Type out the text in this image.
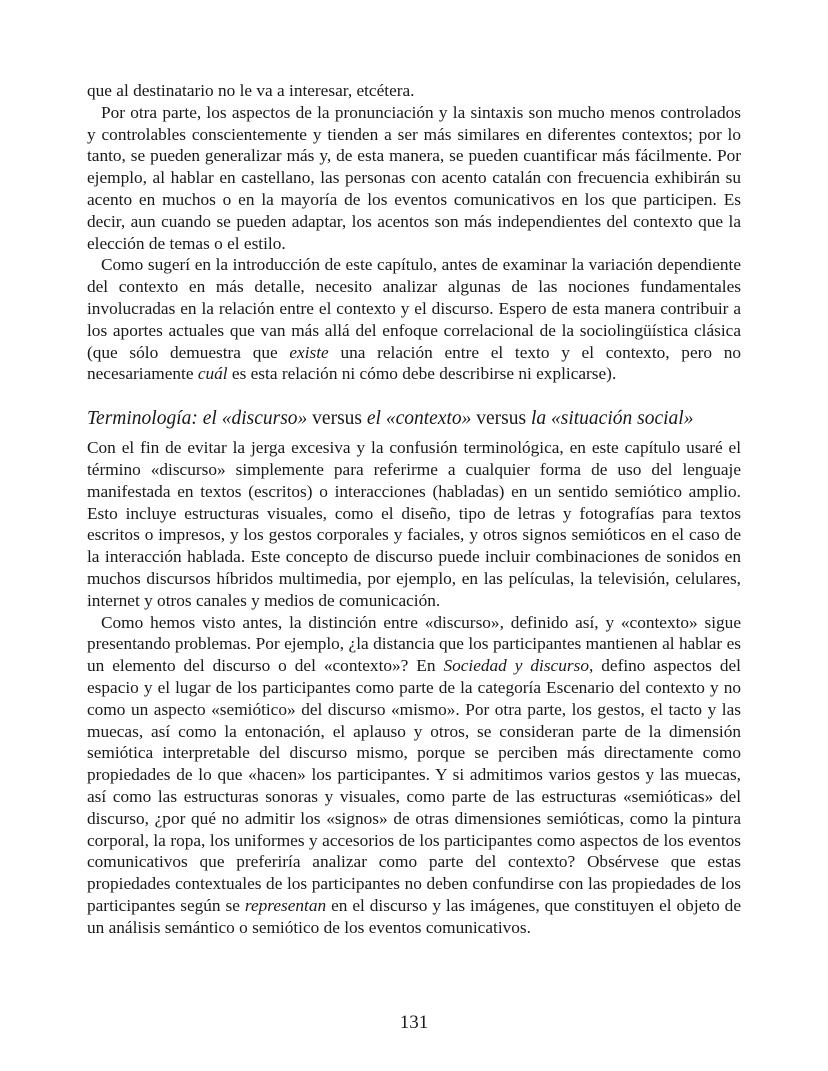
que al destinatario no le va a interesar, etcétera.

Por otra parte, los aspectos de la pronunciación y la sintaxis son mucho menos controlados y controlables conscientemente y tienden a ser más similares en diferentes contextos; por lo tanto, se pueden generalizar más y, de esta manera, se pueden cuantificar más fácilmente. Por ejemplo, al hablar en castellano, las personas con acento catalán con frecuencia exhibirán su acento en muchos o en la mayoría de los eventos comunicativos en los que participen. Es decir, aun cuando se pueden adaptar, los acentos son más independientes del contexto que la elección de temas o el estilo.

Como sugerí en la introducción de este capítulo, antes de examinar la variación dependiente del contexto en más detalle, necesito analizar algunas de las nociones fundamentales involucradas en la relación entre el contexto y el discurso. Espero de esta manera contribuir a los aportes actuales que van más allá del enfoque correlacional de la sociolingüística clásica (que sólo demuestra que existe una relación entre el texto y el contexto, pero no necesariamente cuál es esta relación ni cómo debe describirse ni explicarse).

Terminología: el «discurso» versus el «contexto» versus la «situación social»

Con el fin de evitar la jerga excesiva y la confusión terminológica, en este capítulo usaré el término «discurso» simplemente para referirme a cualquier forma de uso del lenguaje manifestada en textos (escritos) o interacciones (habladas) en un sentido semiótico amplio. Esto incluye estructuras visuales, como el diseño, tipo de letras y fotografías para textos escritos o impresos, y los gestos corporales y faciales, y otros signos semióticos en el caso de la interacción hablada. Este concepto de discurso puede incluir combinaciones de sonidos en muchos discursos híbridos multimedia, por ejemplo, en las películas, la televisión, celulares, internet y otros canales y medios de comunicación.

Como hemos visto antes, la distinción entre «discurso», definido así, y «contexto» sigue presentando problemas. Por ejemplo, ¿la distancia que los participantes mantienen al hablar es un elemento del discurso o del «contexto»? En Sociedad y discurso, defino aspectos del espacio y el lugar de los participantes como parte de la categoría Escenario del contexto y no como un aspecto «semiótico» del discurso «mismo». Por otra parte, los gestos, el tacto y las muecas, así como la entonación, el aplauso y otros, se consideran parte de la dimensión semiótica interpretable del discurso mismo, porque se perciben más directamente como propiedades de lo que «hacen» los participantes. Y si admitimos varios gestos y las muecas, así como las estructuras sonoras y visuales, como parte de las estructuras «semióticas» del discurso, ¿por qué no admitir los «signos» de otras dimensiones semióticas, como la pintura corporal, la ropa, los uniformes y accesorios de los participantes como aspectos de los eventos comunicativos que preferiría analizar como parte del contexto? Obsérvese que estas propiedades contextuales de los participantes no deben confundirse con las propiedades de los participantes según se representan en el discurso y las imágenes, que constituyen el objeto de un análisis semántico o semiótico de los eventos comunicativos.

131
